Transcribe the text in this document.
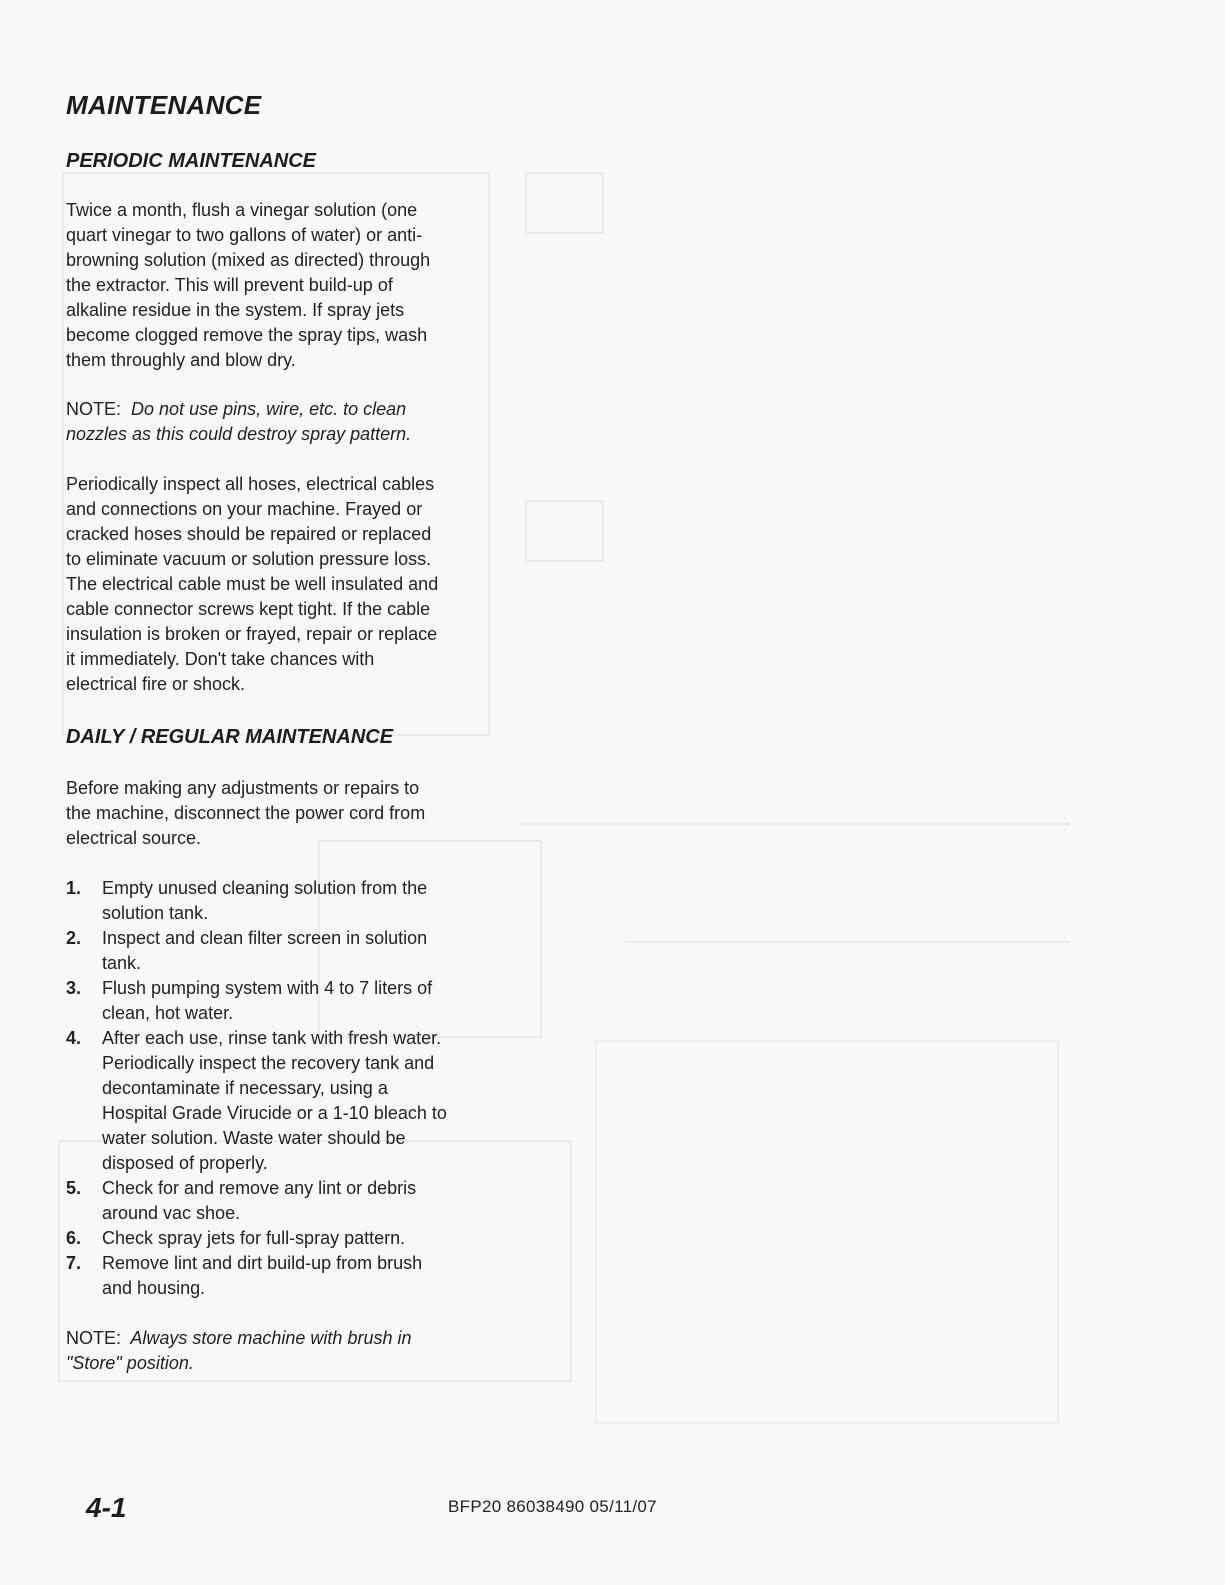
MAINTENANCE
PERIODIC MAINTENANCE

Twice a month, flush a vinegar solution (one

quart vinegar to two gallons of water) or anti-

browning solution (mixed as directed) through

the extractor. This will prevent build-up of

alkaline residue in the system. If spray jets

become clogged remove the spray tips, wash

them throughly and blow dry.

NOTE: Do not use pins, wire, etc. to clean

nozzles as this could destroy spray pattern.

Periodically inspect all hoses, electrical cables

and connections on your machine. Frayed or

cracked hoses should be repaired or replaced

to eliminate vacuum or solution pressure loss.

The electrical cable must be well insulated and

cable connector screws kept tight. If the cable

insulation is broken or frayed, repair or replace

it immediately. Don't take chances with

electrical fire or shock.

DAILY / REGULAR MAINTENANCE

Before making any adjustments or repairs to

the machine, disconnect the power cord from

electrical source.

1. Empty unused cleaning solution from the
solution tank.
2. Inspect and clean filter screen in solution
tank.
3. Flush pumping system with 4 to 7 liters of
clean, hot water.
4. After each use, rinse tank with fresh water.
Periodically inspect the recovery tank and
decontaminate if necessary, using a
Hospital Grade Virucide or a 1-10 bleach to
water solution. Waste water should be
disposed of properly.
5. Check for and remove any lint or debris
around vac shoe.
6. Check spray jets for full-spray pattern.
7. Remove lint and dirt build-up from brush
and housing.

NOTE: Always store machine with brush in

"Store" position.

4-1	BFP20 86038490 05/11/07
